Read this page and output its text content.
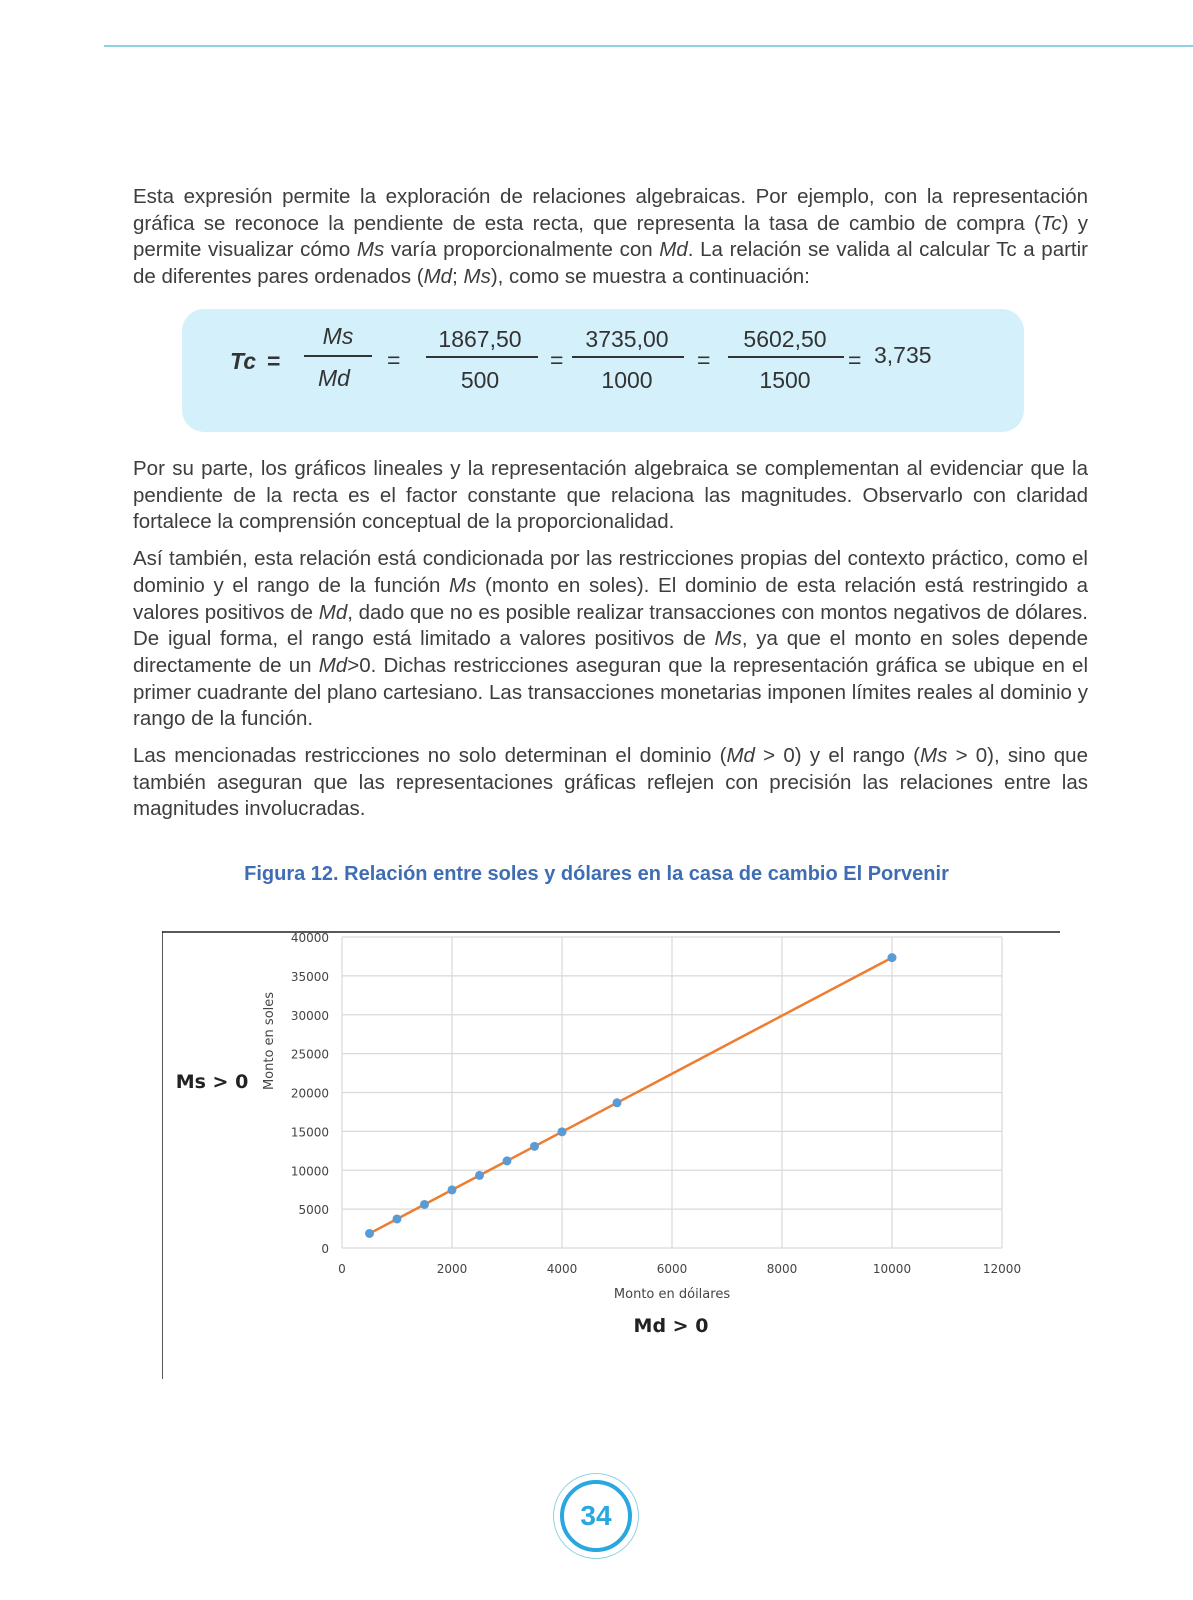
Esta expresión permite la exploración de relaciones algebraicas. Por ejemplo, con la representación gráfica se reconoce la pendiente de esta recta, que representa la tasa de cambio de compra (Tc) y permite visualizar cómo Ms varía proporcionalmente con Md. La relación se valida al calcular Tc a partir de diferentes pares ordenados (Md; Ms), como se muestra a continuación:

Tc =
Ms
Md
=
1867,50
500
=
3735,00
1000
=
5602,50
1500
= 3,735

Por su parte, los gráficos lineales y la representación algebraica se complementan al evidenciar que la pendiente de la recta es el factor constante que relaciona las magnitudes. Observarlo con claridad fortalece la comprensión conceptual de la proporcionalidad.

Así también, esta relación está condicionada por las restricciones propias del contexto práctico, como el dominio y el rango de la función Ms (monto en soles). El dominio de esta relación está restringido a valores positivos de Md, dado que no es posible realizar transacciones con montos negativos de dólares. De igual forma, el rango está limitado a valores positivos de Ms, ya que el monto en soles depende directamente de un Md>0. Dichas restricciones aseguran que la representación gráfica se ubique en el primer cuadrante del plano cartesiano. Las transacciones monetarias imponen límites reales al dominio y rango de la función.

Las mencionadas restricciones no solo determinan el dominio (Md > 0) y el rango (Ms > 0), sino que también aseguran que las representaciones gráficas reflejen con precisión las relaciones entre las magnitudes involucradas.

Figura 12. Relación entre soles y dólares en la casa de cambio El Porvenir

0	2000	4000	6000	8000	10000	12000
0
5000
10000
15000
20000
25000
30000
35000
40000
Monto en soles
Monto en dóilares
Ms > 0
Md > 0
34
